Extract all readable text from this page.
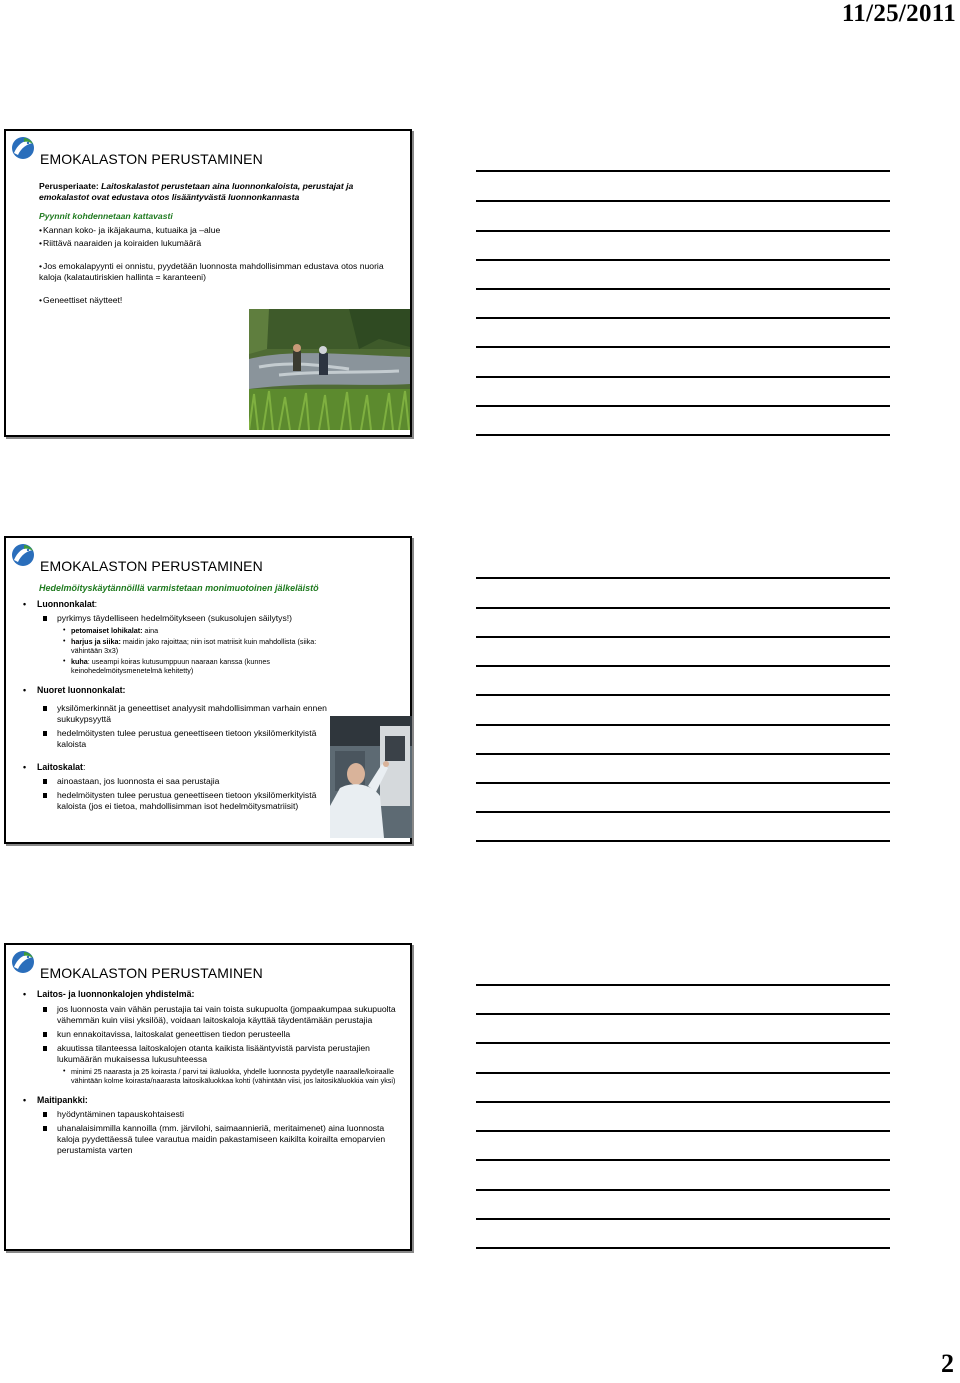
11/25/2011
EMOKALASTON PERUSTAMINEN
Perusperiaate: Laitoskalastot perustetaan aina luonnonkaloista, perustajat ja emokalastot ovat edustava otos lisääntyvästä luonnonkannasta
Pyynnit kohdennetaan kattavasti
• Kannan koko- ja ikäjakauma, kutuaika ja –alue
• Riittävä naaraiden ja koiraiden lukumäärä
• Jos emokalapyynti ei onnistu, pyydetään luonnosta mahdollisimman edustava otos nuoria kaloja (kalatautiriskien hallinta = karanteeni)
• Geneettiset näytteet!
EMOKALASTON PERUSTAMINEN
Hedelmöityskäytännöillä varmistetaan monimuotoinen jälkeläistö
•	Luonnonkalat:
pyrkimys täydelliseen hedelmöitykseen (sukusolujen säilytys!)
• petomaiset lohikalat: aina
• harjus ja siika: maidin jako rajoittaa; niin isot matriisit kuin mahdollista (siika: vähintään 3x3)
• kuha: useampi koiras kutusumppuun naaraan kanssa (kunnes keinohedelmöitysmenetelmä kehitetty)
•	Nuoret luonnonkalat:
yksilömerkinnät ja geneettiset analyysit mahdollisimman varhain ennen sukukypsyyttä
hedelmöitysten tulee perustua geneettiseen tietoon yksilömerkityistä kaloista
•	Laitoskalat:
ainoastaan, jos luonnosta ei saa perustajia
hedelmöitysten tulee perustua geneettiseen tietoon yksilömerkityistä kaloista (jos ei tietoa, mahdollisimman isot hedelmöitysmatriisit)
EMOKALASTON PERUSTAMINEN
•	Laitos- ja luonnonkalojen yhdistelmä:
jos luonnosta vain vähän perustajia tai vain toista sukupuolta (jompaakumpaa sukupuolta vähemmän kuin viisi yksilöä), voidaan laitoskaloja käyttää täydentämään perustajia
kun ennakoitavissa, laitoskalat geneettisen tiedon perusteella
akuutissa tilanteessa laitoskalojen otanta kaikista lisääntyvistä parvista perustajien lukumäärän mukaisessa lukusuhteessa
• minimi 25 naarasta ja 25 koirasta / parvi tai ikäluokka, yhdelle luonnosta pyydetylle naaraalle/koiraalle vähintään kolme koirasta/naarasta laitosikäluokkaa kohti (vähintään viisi, jos laitosikäluokkia vain yksi)
•	Maitipankki:
hyödyntäminen tapauskohtaisesti
uhanalaisimmilla kannoilla (mm. järvilohi, saimaannieriä, meritaimenet) aina luonnosta kaloja pyydettäessä tulee varautua maidin pakastamiseen kaikilta koirailta emoparvien perustamista varten
2
